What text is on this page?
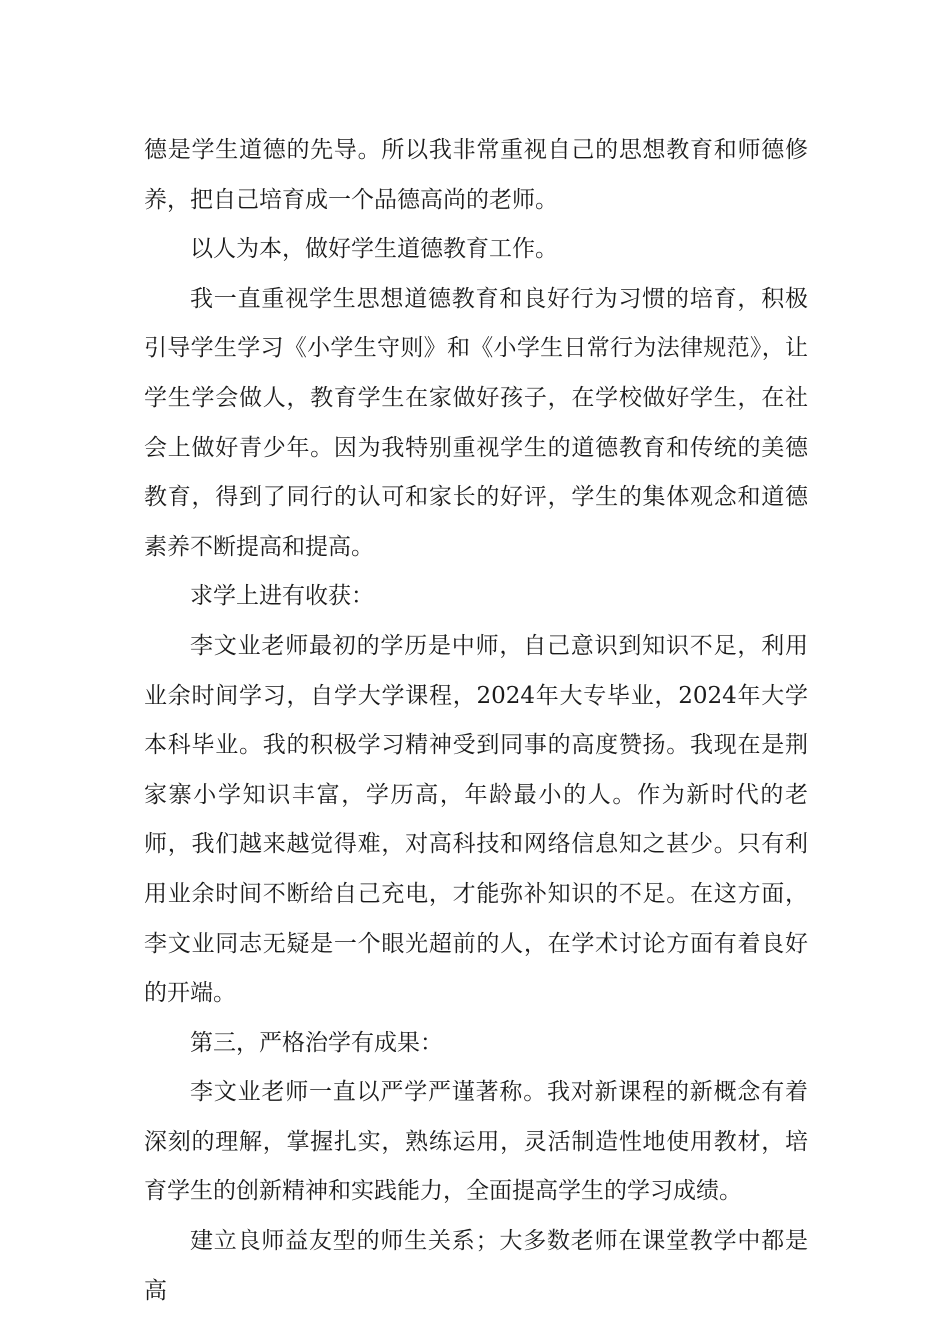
德是学生道德的先导。所以我非常重视自己的思想教育和师德修养，把自己培育成一个品德高尚的老师。

以人为本，做好学生道德教育工作。

我一直重视学生思想道德教育和良好行为习惯的培育，积极引导学生学习《小学生守则》和《小学生日常行为法律规范》，让学生学会做人，教育学生在家做好孩子，在学校做好学生，在社会上做好青少年。因为我特别重视学生的道德教育和传统的美德教育，得到了同行的认可和家长的好评，学生的集体观念和道德素养不断提高和提高。

求学上进有收获：

李文业老师最初的学历是中师，自己意识到知识不足，利用业余时间学习，自学大学课程，2024年大专毕业，2024年大学本科毕业。我的积极学习精神受到同事的高度赞扬。我现在是荆家寨小学知识丰富，学历高，年龄最小的人。作为新时代的老师，我们越来越觉得难，对高科技和网络信息知之甚少。只有利用业余时间不断给自己充电，才能弥补知识的不足。在这方面，李文业同志无疑是一个眼光超前的人，在学术讨论方面有着良好的开端。

第三，严格治学有成果：

李文业老师一直以严学严谨著称。我对新课程的新概念有着深刻的理解，掌握扎实，熟练运用，灵活制造性地使用教材，培育学生的创新精神和实践能力，全面提高学生的学习成绩。

建立良师益友型的师生关系；大多数老师在课堂教学中都是高
